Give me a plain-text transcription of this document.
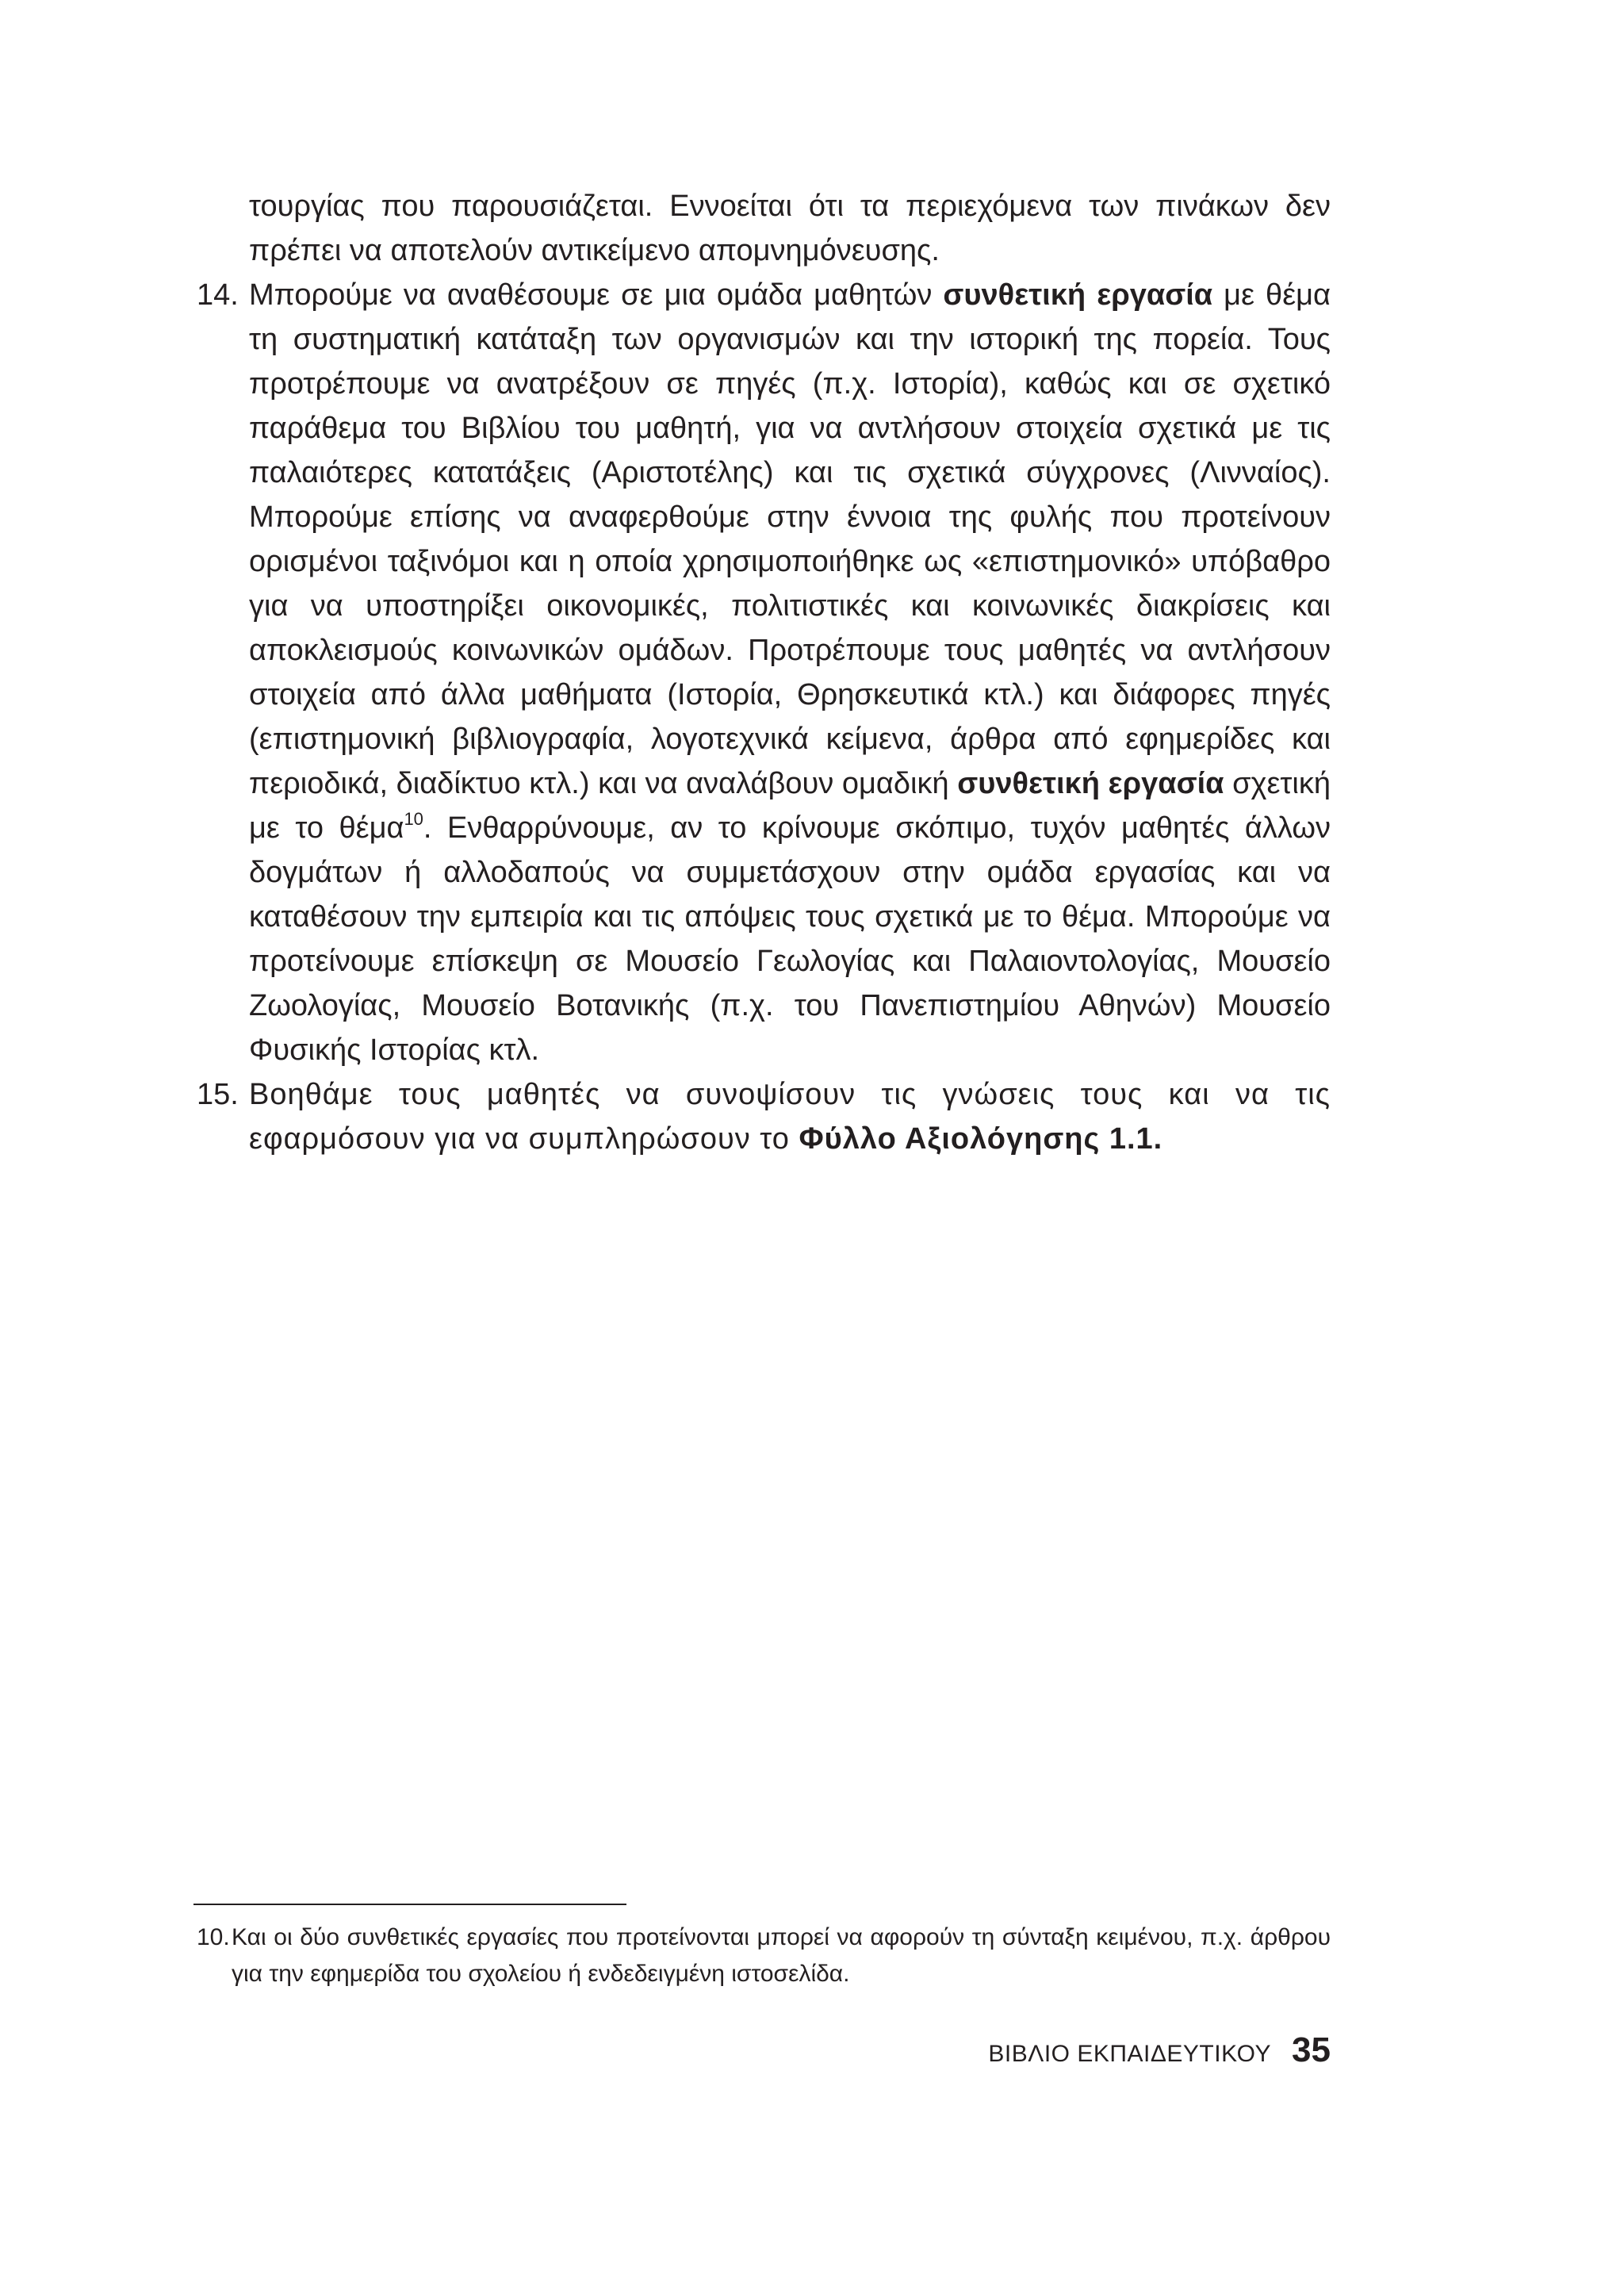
τουργίας που παρουσιάζεται. Εννοείται ότι τα περιεχόμενα των πινάκων δεν πρέπει να αποτελούν αντικείμενο απομνημόνευσης.

14. Μπορούμε να αναθέσουμε σε μια ομάδα μαθητών συνθετική εργασία με θέμα τη συστηματική κατάταξη των οργανισμών και την ιστορική της πορεία. Τους προτρέπουμε να ανατρέξουν σε πηγές (π.χ. Ιστορία), καθώς και σε σχετικό παράθεμα του Βιβλίου του μαθητή, για να αντλήσουν στοιχεία σχετικά με τις παλαιότερες κατατάξεις (Αριστοτέλης) και τις σχετικά σύγχρονες (Λινναίος). Μπορούμε επίσης να αναφερθούμε στην έννοια της φυλής που προτείνουν ορισμένοι ταξινόμοι και η οποία χρησιμοποιήθηκε ως «επιστημονικό» υπόβαθρο για να υποστηρίξει οικονομικές, πολιτιστικές και κοινωνικές διακρίσεις και αποκλεισμούς κοινωνικών ομάδων. Προτρέπουμε τους μαθητές να αντλήσουν στοιχεία από άλλα μαθήματα (Ιστορία, Θρησκευτικά κτλ.) και διάφορες πηγές (επιστημονική βιβλιογραφία, λογοτεχνικά κείμενα, άρθρα από εφημερίδες και περιοδικά, διαδίκτυο κτλ.) και να αναλάβουν ομαδική συνθετική εργασία σχετική με το θέμα$^{10}$. Ενθαρρύνουμε, αν το κρίνουμε σκόπιμο, τυχόν μαθητές άλλων δογμάτων ή αλλοδαπούς να συμμετάσχουν στην ομάδα εργασίας και να καταθέσουν την εμπειρία και τις απόψεις τους σχετικά με το θέμα. Μπορούμε να προτείνουμε επίσκεψη σε Μουσείο Γεωλογίας και Παλαιοντολογίας, Μουσείο Ζωολογίας, Μουσείο Βοτανικής (π.χ. του Πανεπιστημίου Αθηνών) Μουσείο Φυσικής Ιστορίας κτλ.

15. Βοηθάμε τους μαθητές να συνοψίσουν τις γνώσεις τους και να τις εφαρμόσουν για να συμπληρώσουν το Φύλλο Αξιολόγησης 1.1.

10. Και οι δύο συνθετικές εργασίες που προτείνονται μπορεί να αφορούν τη σύνταξη κειμένου, π.χ. άρθρου για την εφημερίδα του σχολείου ή ενδεδειγμένη ιστοσελίδα.
ΒΙΒΛΙΟ ΕΚΠΑΙΔΕΥΤΙΚΟΥ 35
